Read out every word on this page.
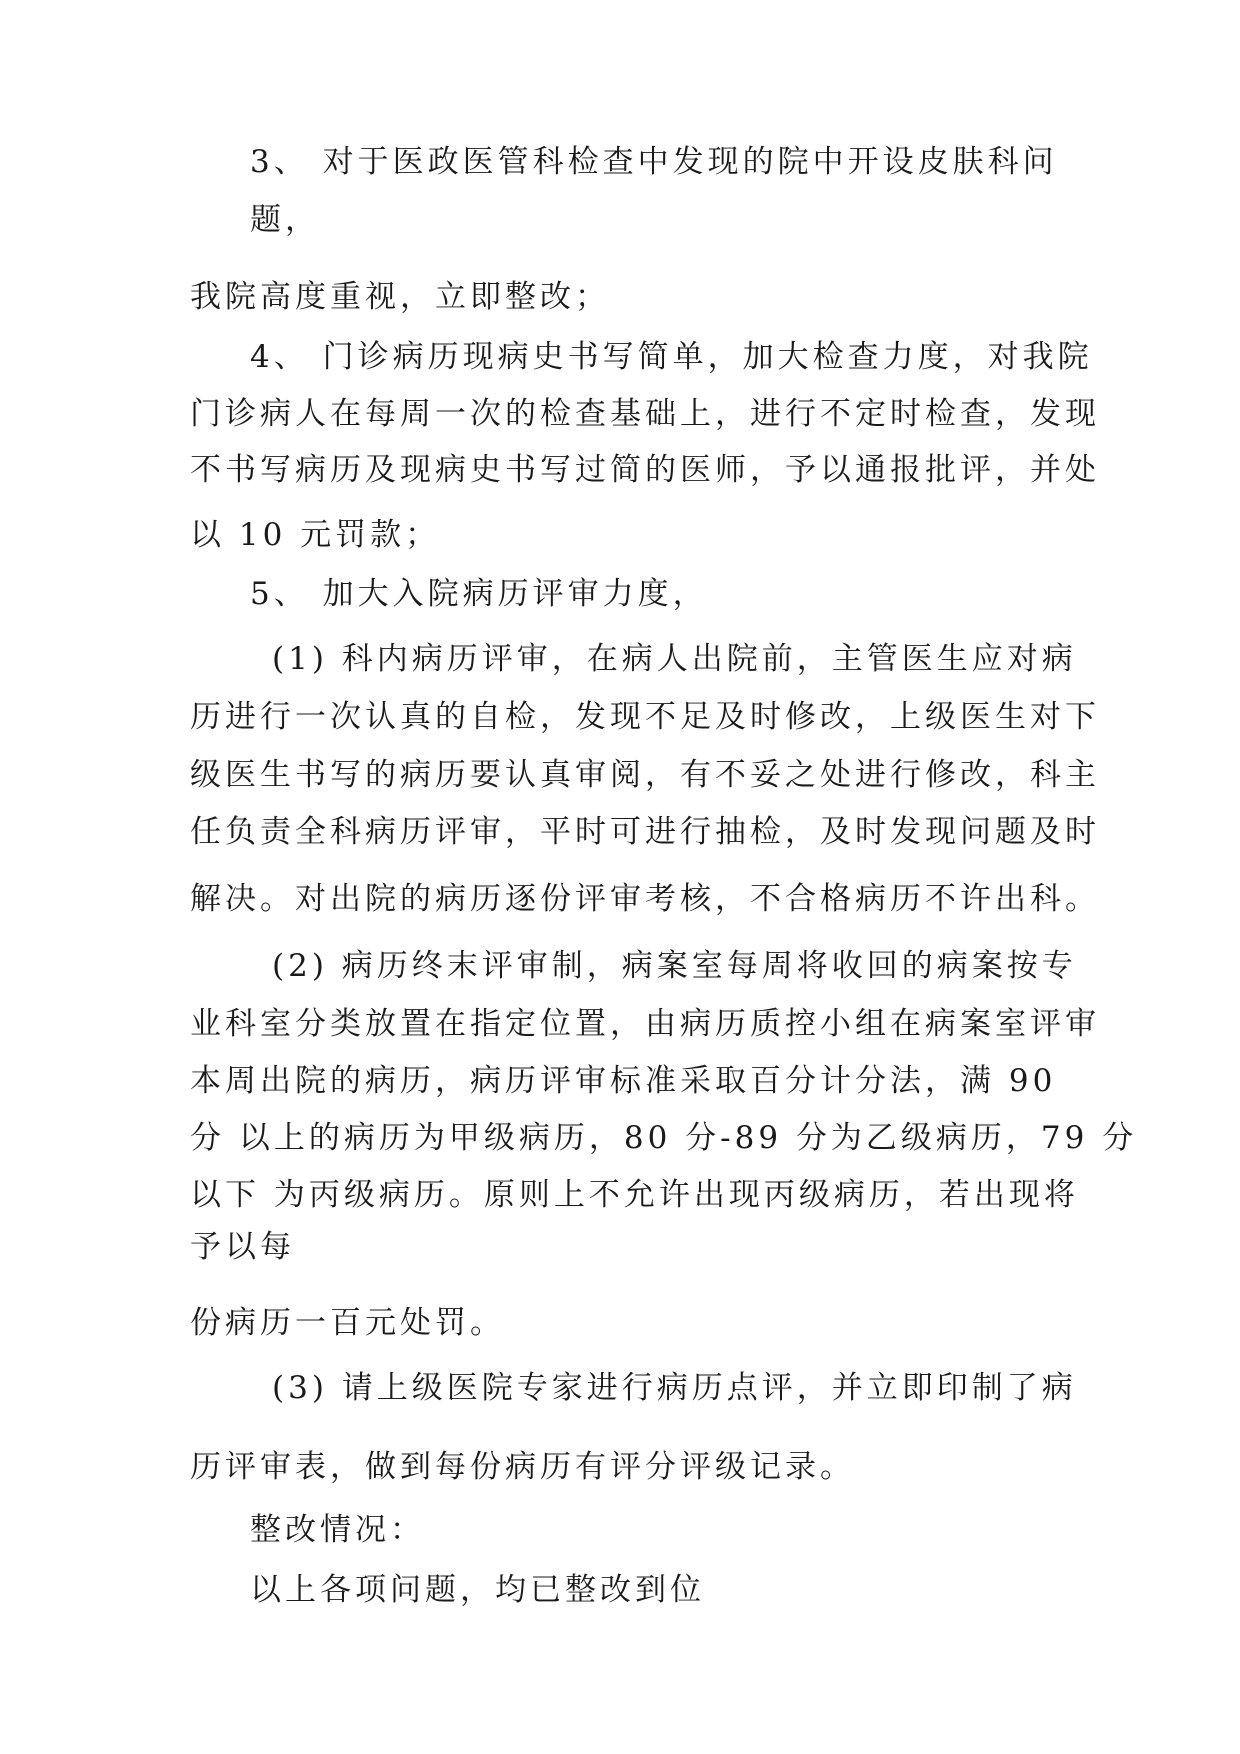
3、 对于医政医管科检查中发现的院中开设皮肤科问
题，
我院高度重视，立即整改；
4、 门诊病历现病史书写简单，加大检查力度，对我院
门诊病人在每周一次的检查基础上，进行不定时检查，发现
不书写病历及现病史书写过简的医师，予以通报批评，并处
以 10 元罚款；
5、 加大入院病历评审力度，
(1) 科内病历评审，在病人出院前，主管医生应对病
历进行一次认真的自检，发现不足及时修改，上级医生对下
级医生书写的病历要认真审阅，有不妥之处进行修改，科主
任负责全科病历评审，平时可进行抽检，及时发现问题及时
解决。对出院的病历逐份评审考核，不合格病历不许出科。
(2) 病历终末评审制，病案室每周将收回的病案按专
业科室分类放置在指定位置，由病历质控小组在病案室评审
本周出院的病历，病历评审标准采取百分计分法，满 90
分 以上的病历为甲级病历，80 分-89 分为乙级病历，79 分
以下 为丙级病历。原则上不允许出现丙级病历，若出现将
予以每
份病历一百元处罚。
(3) 请上级医院专家进行病历点评，并立即印制了病
历评审表，做到每份病历有评分评级记录。
整改情况：
以上各项问题，均已整改到位
